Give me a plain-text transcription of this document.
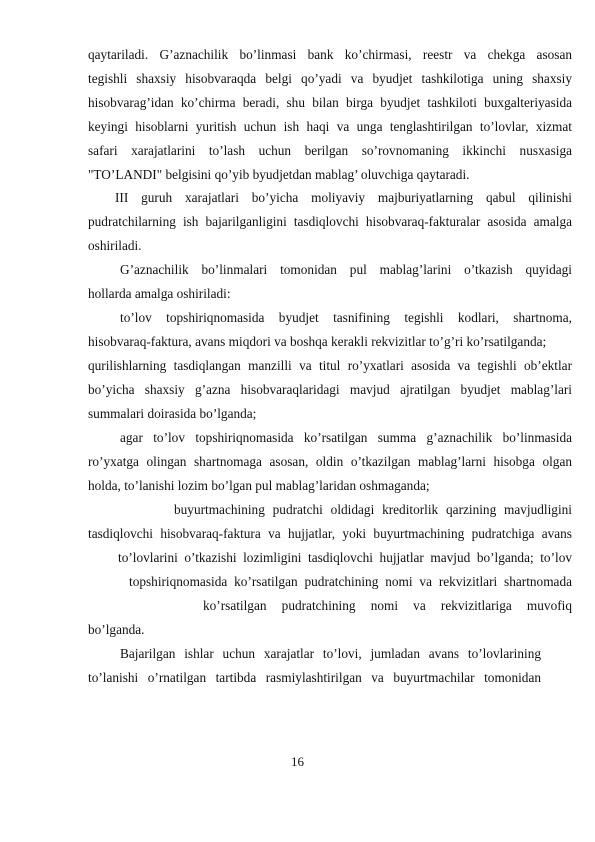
qaytariladi. G’aznachilik bo’linmasi bank ko’chirmasi, reestr va chekga asosan
tegishli shaxsiy hisobvaraqda belgi qo’yadi va byudjet tashkilotiga uning shaxsiy
hisobvarag’idan ko’chirma beradi, shu bilan birga byudjet tashkiloti buxgalteriyasida
keyingi hisoblarni yuritish uchun ish haqi va unga tenglashtirilgan to’lovlar, xizmat
safari xarajatlarini to’lash uchun berilgan so’rovnomaning ikkinchi nusxasiga
"TO’LANDI" belgisini qo’yib byudjetdan mablag’ oluvchiga qaytaradi.
III guruh xarajatlari bo’yicha moliyaviy majburiyatlarning qabul qilinishi
pudratchilarning ish bajarilganligini tasdiqlovchi hisobvaraq-fakturalar asosida amalga
oshiriladi.
G’aznachilik bo’linmalari tomonidan pul mablag’larini o’tkazish quyidagi
hollarda amalga oshiriladi:
to’lov topshiriqnomasida byudjet tasnifining tegishli kodlari, shartnoma,
hisobvaraq-faktura, avans miqdori va boshqa kerakli rekvizitlar to’g’ri ko’rsatilganda;
qurilishlarning tasdiqlangan manzilli va titul ro’yxatlari asosida va tegishli ob’ektlar
bo’yicha shaxsiy g’azna hisobvaraqlaridagi mavjud ajratilgan byudjet mablag’lari
summalari doirasida bo’lganda;
agar to’lov topshiriqnomasida ko’rsatilgan summa g’aznachilik bo’linmasida
ro’yxatga olingan shartnomaga asosan, oldin o’tkazilgan mablag’larni hisobga olgan
holda, to’lanishi lozim bo’lgan pul mablag’laridan oshmaganda;
buyurtmachining pudratchi oldidagi kreditorlik qarzining mavjudligini
tasdiqlovchi hisobvaraq-faktura va hujjatlar, yoki buyurtmachining pudratchiga avans
to’lovlarini o’tkazishi lozimligini tasdiqlovchi hujjatlar mavjud bo’lganda; to’lov
topshiriqnomasida ko’rsatilgan pudratchining nomi va rekvizitlari shartnomada
ko’rsatilgan pudratchining nomi va rekvizitlariga muvofiq
bo’lganda.
Bajarilgan ishlar uchun xarajatlar to’lovi, jumladan avans to’lovlarining
to’lanishi o’rnatilgan tartibda rasmiylashtirilgan va buyurtmachilar tomonidan
16
